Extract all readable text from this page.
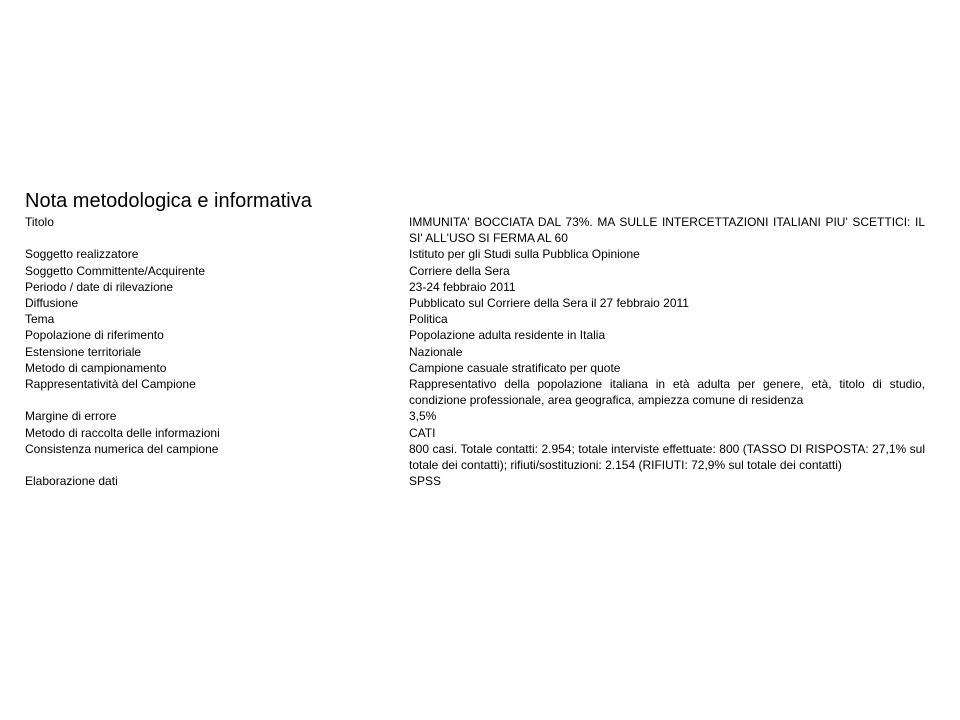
Nota metodologica e informativa
Titolo	IMMUNITA' BOCCIATA DAL 73%. MA SULLE INTERCETTAZIONI ITALIANI PIU' SCETTICI: IL SI' ALL'USO SI FERMA AL 60
Soggetto realizzatore	Istituto per gli Studi sulla Pubblica Opinione
Soggetto Committente/Acquirente	Corriere della Sera
Periodo / date di rilevazione	23-24 febbraio 2011
Diffusione	Pubblicato sul Corriere della Sera il 27 febbraio 2011
Tema	Politica
Popolazione di riferimento	Popolazione adulta residente in Italia
Estensione territoriale	Nazionale
Metodo di campionamento	Campione casuale stratificato per quote
Rappresentatività del Campione	Rappresentativo della popolazione italiana in età adulta per genere, età, titolo di studio, condizione professionale, area geografica, ampiezza comune di residenza
Margine di errore	3,5%
Metodo di raccolta delle informazioni	CATI
Consistenza numerica del campione	800 casi. Totale contatti: 2.954; totale interviste effettuate: 800 (TASSO DI RISPOSTA: 27,1% sul totale dei contatti); rifiuti/sostituzioni: 2.154 (RIFIUTI: 72,9% sul totale dei contatti)
Elaborazione dati	SPSS
